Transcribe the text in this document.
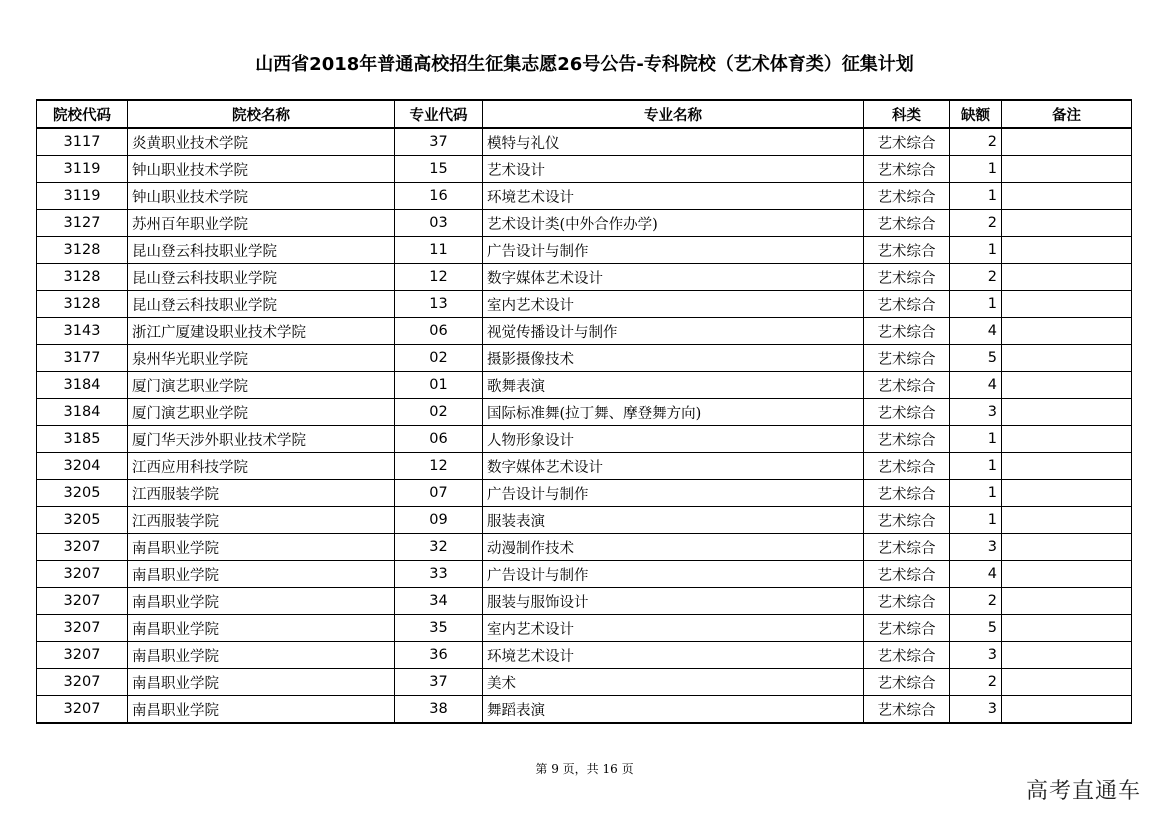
山西省2018年普通高校招生征集志愿26号公告-专科院校（艺术体育类）征集计划
院校代码	院校名称	专业代码	专业名称	科类	缺额	备注
3117	炎黄职业技术学院	37	模特与礼仪	艺术综合	2	
3119	钟山职业技术学院	15	艺术设计	艺术综合	1	
3119	钟山职业技术学院	16	环境艺术设计	艺术综合	1	
3127	苏州百年职业学院	03	艺术设计类(中外合作办学)	艺术综合	2	
3128	昆山登云科技职业学院	11	广告设计与制作	艺术综合	1	
3128	昆山登云科技职业学院	12	数字媒体艺术设计	艺术综合	2	
3128	昆山登云科技职业学院	13	室内艺术设计	艺术综合	1	
3143	浙江广厦建设职业技术学院	06	视觉传播设计与制作	艺术综合	4	
3177	泉州华光职业学院	02	摄影摄像技术	艺术综合	5	
3184	厦门演艺职业学院	01	歌舞表演	艺术综合	4	
3184	厦门演艺职业学院	02	国际标准舞(拉丁舞、摩登舞方向)	艺术综合	3	
3185	厦门华天涉外职业技术学院	06	人物形象设计	艺术综合	1	
3204	江西应用科技学院	12	数字媒体艺术设计	艺术综合	1	
3205	江西服装学院	07	广告设计与制作	艺术综合	1	
3205	江西服装学院	09	服装表演	艺术综合	1	
3207	南昌职业学院	32	动漫制作技术	艺术综合	3	
3207	南昌职业学院	33	广告设计与制作	艺术综合	4	
3207	南昌职业学院	34	服装与服饰设计	艺术综合	2	
3207	南昌职业学院	35	室内艺术设计	艺术综合	5	
3207	南昌职业学院	36	环境艺术设计	艺术综合	3	
3207	南昌职业学院	37	美术	艺术综合	2	
3207	南昌职业学院	38	舞蹈表演	艺术综合	3	
第 9 页，共 16 页
高考直通车
